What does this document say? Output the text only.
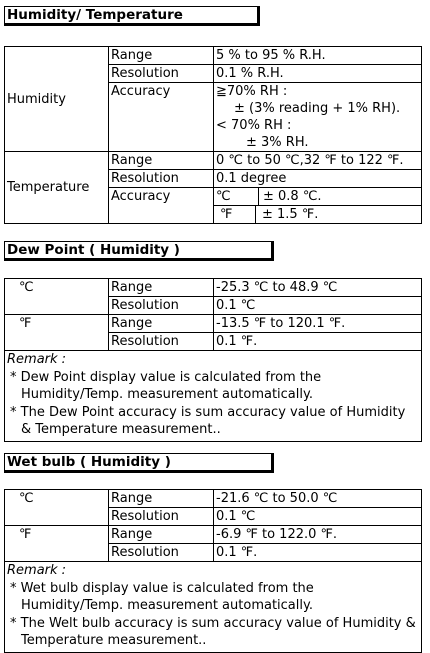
Humidity/ Temperature
Humidity	Range	5 % to 95 % R.H.
	Resolution	0.1 % R.H.
	Accuracy	≧70% RH :
± (3% reading + 1% RH).
< 70% RH :
± 3% RH.

Temperature	Range	0 ℃ to 50 ℃,32 ℉ to 122 ℉.
	Resolution	0.1 degree
	Accuracy	℃ ± 0.8 ℃.

		℉ ± 1.5 ℉.
Dew Point ( Humidity )
℃	Range	-25.3 ℃ to 48.9 ℃
	Resolution	0.1 ℃
℉	Range	-13.5 ℉ to 120.1 ℉.
	Resolution	0.1 ℉.

Remark :
* Dew Point display value is calculated from the Humidity/Temp. measurement automatically.
* The Dew Point accuracy is sum accuracy value of Humidity & Temperature measurement..		
Wet bulb ( Humidity )
℃	Range	-21.6 ℃ to 50.0 ℃
	Resolution	0.1 ℃
℉	Range	-6.9 ℉ to 122.0 ℉.
	Resolution	0.1 ℉.

Remark :
* Wet bulb display value is calculated from the Humidity/Temp. measurement automatically.
* The Welt bulb accuracy is sum accuracy value of Humidity & Temperature measurement..		
